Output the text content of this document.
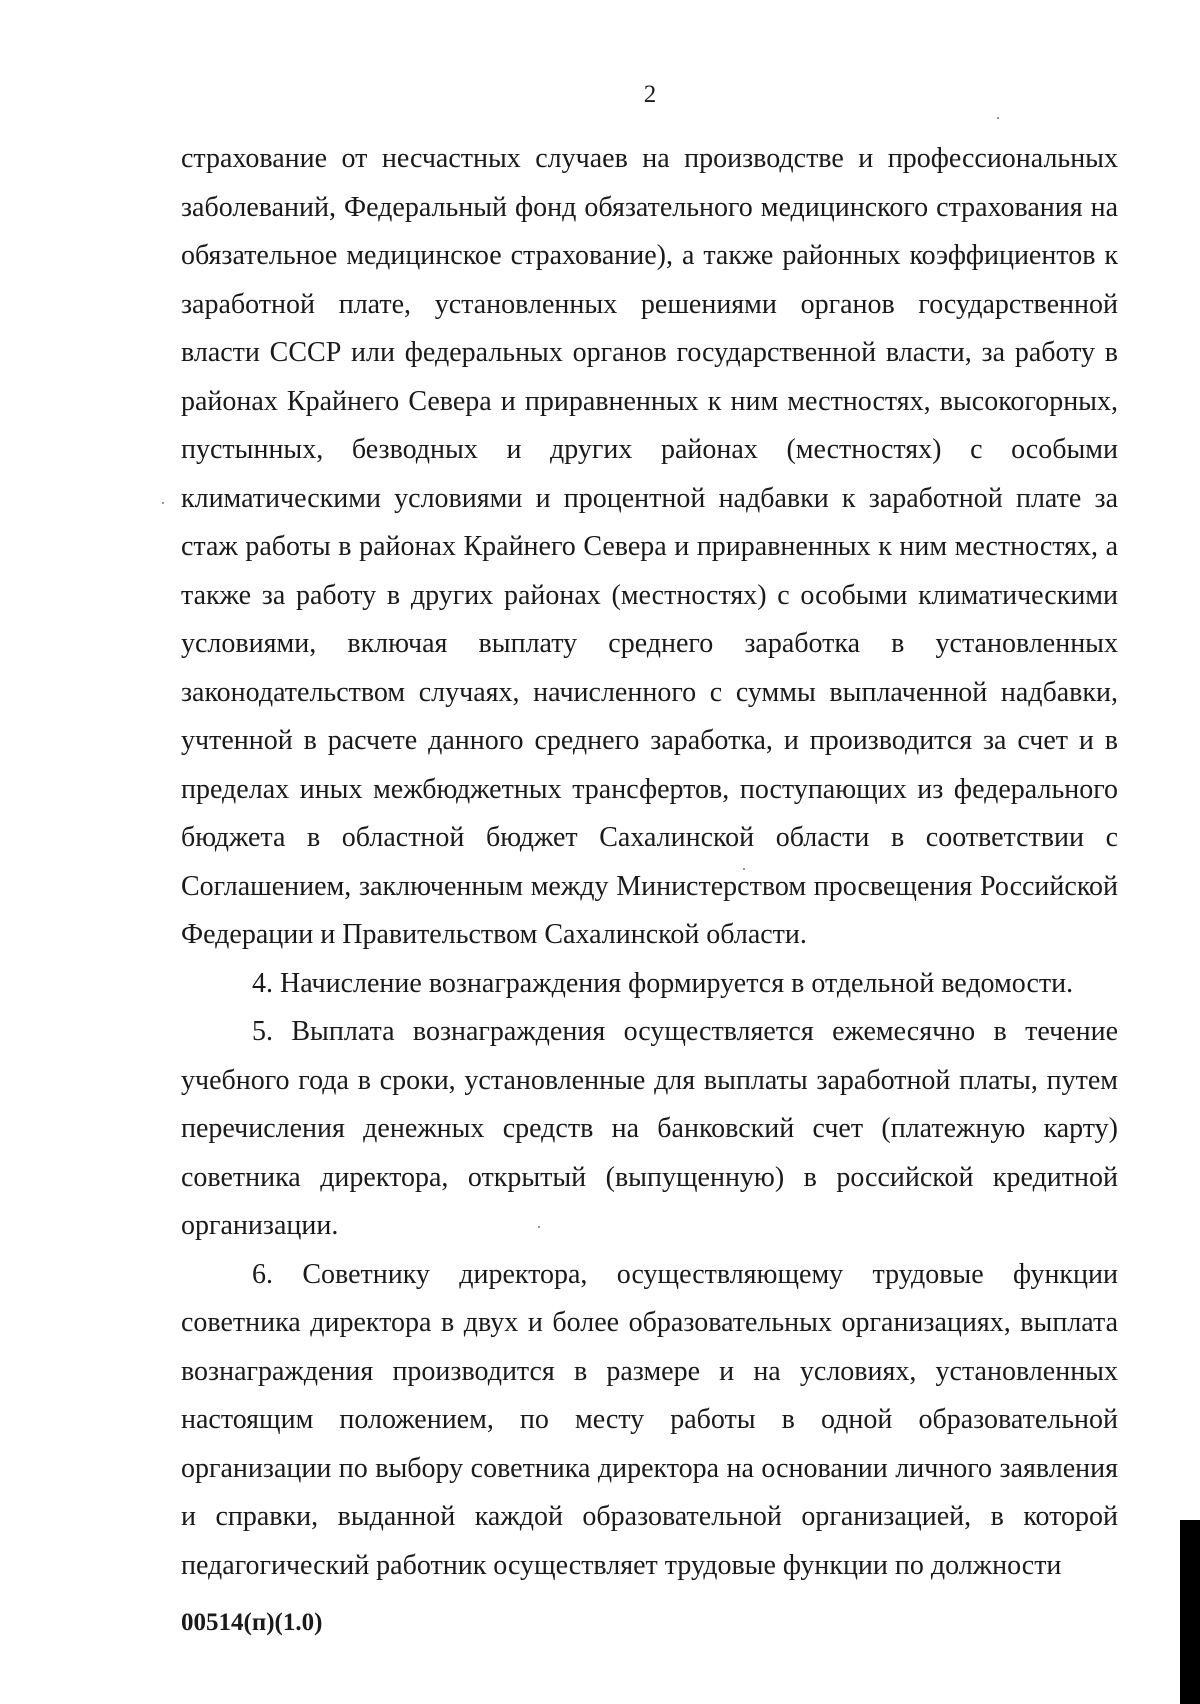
2

страхование от несчастных случаев на производстве и профессиональных заболеваний, Федеральный фонд обязательного медицинского страхования на обязательное медицинское страхование), а также районных коэффициентов к заработной плате, установленных решениями органов государственной власти СССР или федеральных органов государственной власти, за работу в районах Крайнего Севера и приравненных к ним местностях, высокогорных, пустынных, безводных и других районах (местностях) с особыми климатическими условиями и процентной надбавки к заработной плате за стаж работы в районах Крайнего Севера и приравненных к ним местностях, а также за работу в других районах (местностях) с особыми климатическими условиями, включая выплату среднего заработка в установленных законодательством случаях, начисленного с суммы выплаченной надбавки, учтенной в расчете данного среднего заработка, и производится за счет и в пределах иных межбюджетных трансфертов, поступающих из федерального бюджета в областной бюджет Сахалинской области в соответствии с Соглашением, заключенным между Министерством просвещения Российской Федерации и Правительством Сахалинской области.

4. Начисление вознаграждения формируется в отдельной ведомости.

5. Выплата вознаграждения осуществляется ежемесячно в течение учебного года в сроки, установленные для выплаты заработной платы, путем перечисления денежных средств на банковский счет (платежную карту) советника директора, открытый (выпущенную) в российской кредитной организации.

6. Советнику директора, осуществляющему трудовые функции советника директора в двух и более образовательных организациях, выплата вознаграждения производится в размере и на условиях, установленных настоящим положением, по месту работы в одной образовательной организации по выбору советника директора на основании личного заявления и справки, выданной каждой образовательной организацией, в которой педагогический работник осуществляет трудовые функции по должности

00514(п)(1.0)
